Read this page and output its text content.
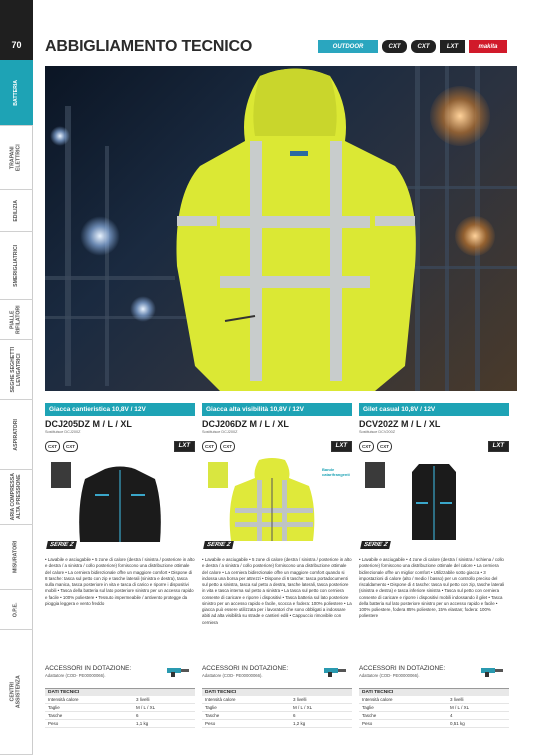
70
BATTERIA
TRAPANI
ELETTRICI
EDILIZIA
SMERIGLIATRICI
PIALLE
RIFILATORI
SEGHE SEGHETTI
LEVIGATRICI
ASPIRATORI
ARIA COMPRESSA
ALTA PRESSIONE
MISURATORI
O.P.E.
CENTRI
ASSISTENZA
ABBIGLIAMENTO TECNICO	OUTDOOR	CXT	CXT	LXT	makita
Giacca cantieristica 10,8V / 12V
DCJ205DZ M / L / XL
Sostituisce DCJ200Z
CXT	CXT	LXT
SERIE Z
• Lavabile e asciugabile • 5 zone di calore (destra / sinistra / posteriore in alto e destra / a sinistra / collo posteriore) forniscono una distribuzione ottimale del calore • La cerniera bidirezionale offre un maggiore comfort • Dispone di 8 tasche: tasca sul petto con zip e tasche laterali (sinistra e destra), tasca sulla manica, tasca posteriore in vita e tasca di carico e riporre i dispositivi mobili • Tasca della batteria sul lato posteriore sinistro per un accesso rapido e facile • 100% poliestere • Tessuto impermeabile / antivento protegge da pioggia leggera e vento freddo
ACCESSORI IN DOTAZIONE:
Adattatore (COD- PE00000066).
DATI TECNICI
Intensità calore	3 livelli
Taglie	M / L / XL
Tasche	6
Peso	1,1 kg
Giacca alta visibilità 10,8V / 12V
DCJ206DZ M / L / XL
Sostituisce DCJ200Z
CXT	CXT	LXT
Bande catarifrangenti
SERIE Z
• Lavabile e asciugabile • 5 zone di calore (destra / sinistra / posteriore in alto e destra / a sinistra / collo posteriore) forniscono una distribuzione ottimale del calore • La cerniera bidirezionale offre un maggiore comfort quando si indossa una borsa per attrezzi • Dispone di 6 tasche: tasca portadocumenti sul petto a sinistra, tasca sul petto a destra, tasche laterali, tasca posteriore in vita e tasca interna sul petto a sinistra • La tasca sul petto con cerniera consente di caricare e riporre i dispositivi • Tasca batteria sul lato posteriore sinistro per un accesso rapido e facile, scocca e fodera: 100% poliestere • La giacca può essere utilizzata per i lavoratori che sono obbligati a indossare abiti ad alta visibilità su strade e cantieri edili • Cappuccio rimovibile con cerniera
ACCESSORI IN DOTAZIONE:
Adattatore (COD- PE00000066).
DATI TECNICI
Intensità calore	3 livelli
Taglie	M / L / XL
Tasche	6
Peso	1,2 kg
Gilet casual 10,8V / 12V
DCV202Z M / L / XL
Sostituisce DCV200Z
CXT	CXT	LXT
SERIE Z
• Lavabile e asciugabile • 4 zone di calore (destra / sinistra / schiena / collo posteriore) forniscono una distribuzione ottimale del calore • La cerniera bidirezionale offre un miglior comfort • Utilizzabile sotto giacca • 3 impostazioni di calore (alto / medio / basso) per un controllo preciso del riscaldamento • Dispone di 4 tasche: tasca sul petto con zip, tasche laterali (sinistra e destra) e tasca inferiore sinistra • Tasca sul petto con cerniera consente di caricare e riporre i dispositivi mobili indossando il gilet • Tasca della batteria sul lato posteriore sinistro per un accesso rapido e facile • 100% poliestere, fodera 85% poliestere, 15% elastan; fodera: 100% poliestere
ACCESSORI IN DOTAZIONE:
Adattatore (COD- PE00000066).
DATI TECNICI
Intensità calore	3 livelli
Taglie	M / L / XL
Tasche	4
Peso	0,51 kg
